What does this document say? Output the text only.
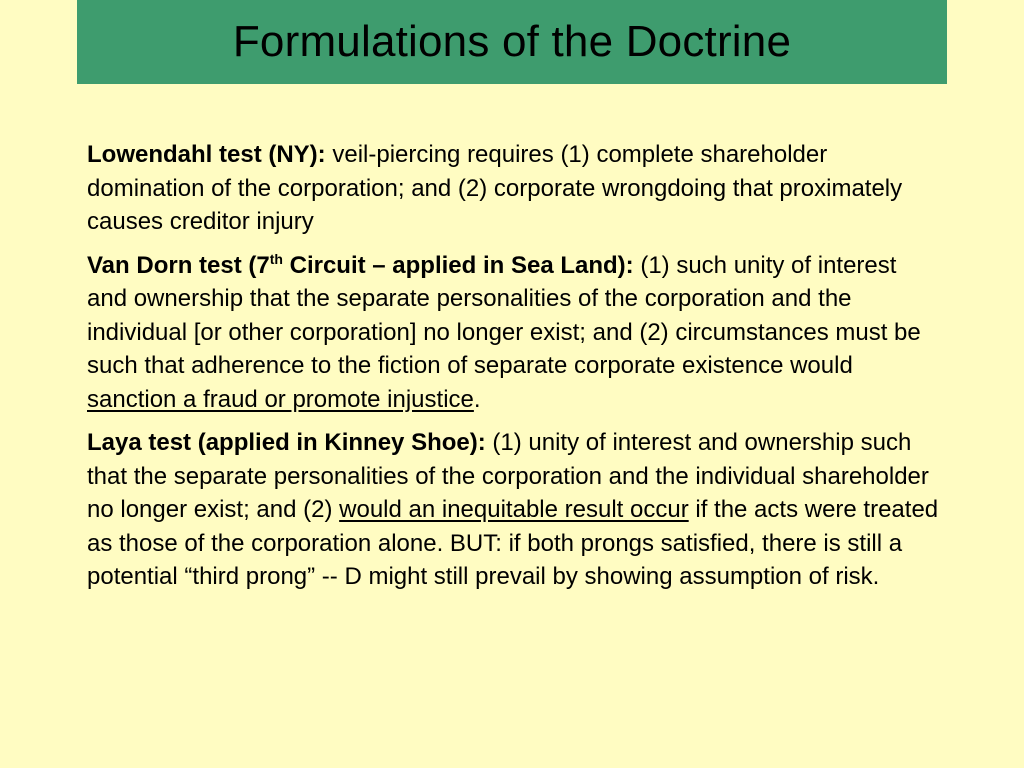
Formulations of the Doctrine

Lowendahl test (NY): veil-piercing requires (1) complete shareholder domination of the corporation; and (2) corporate wrongdoing that proximately causes creditor injury

Van Dorn test (7th Circuit – applied in Sea Land): (1) such unity of interest and ownership that the separate personalities of the corporation and the individual [or other corporation] no longer exist; and (2) circumstances must be such that adherence to the fiction of separate corporate existence would sanction a fraud or promote injustice.

Laya test (applied in Kinney Shoe): (1) unity of interest and ownership such that the separate personalities of the corporation and the individual shareholder no longer exist; and (2) would an inequitable result occur if the acts were treated as those of the corporation alone. BUT: if both prongs satisfied, there is still a potential “third prong” -- D might still prevail by showing assumption of risk.
